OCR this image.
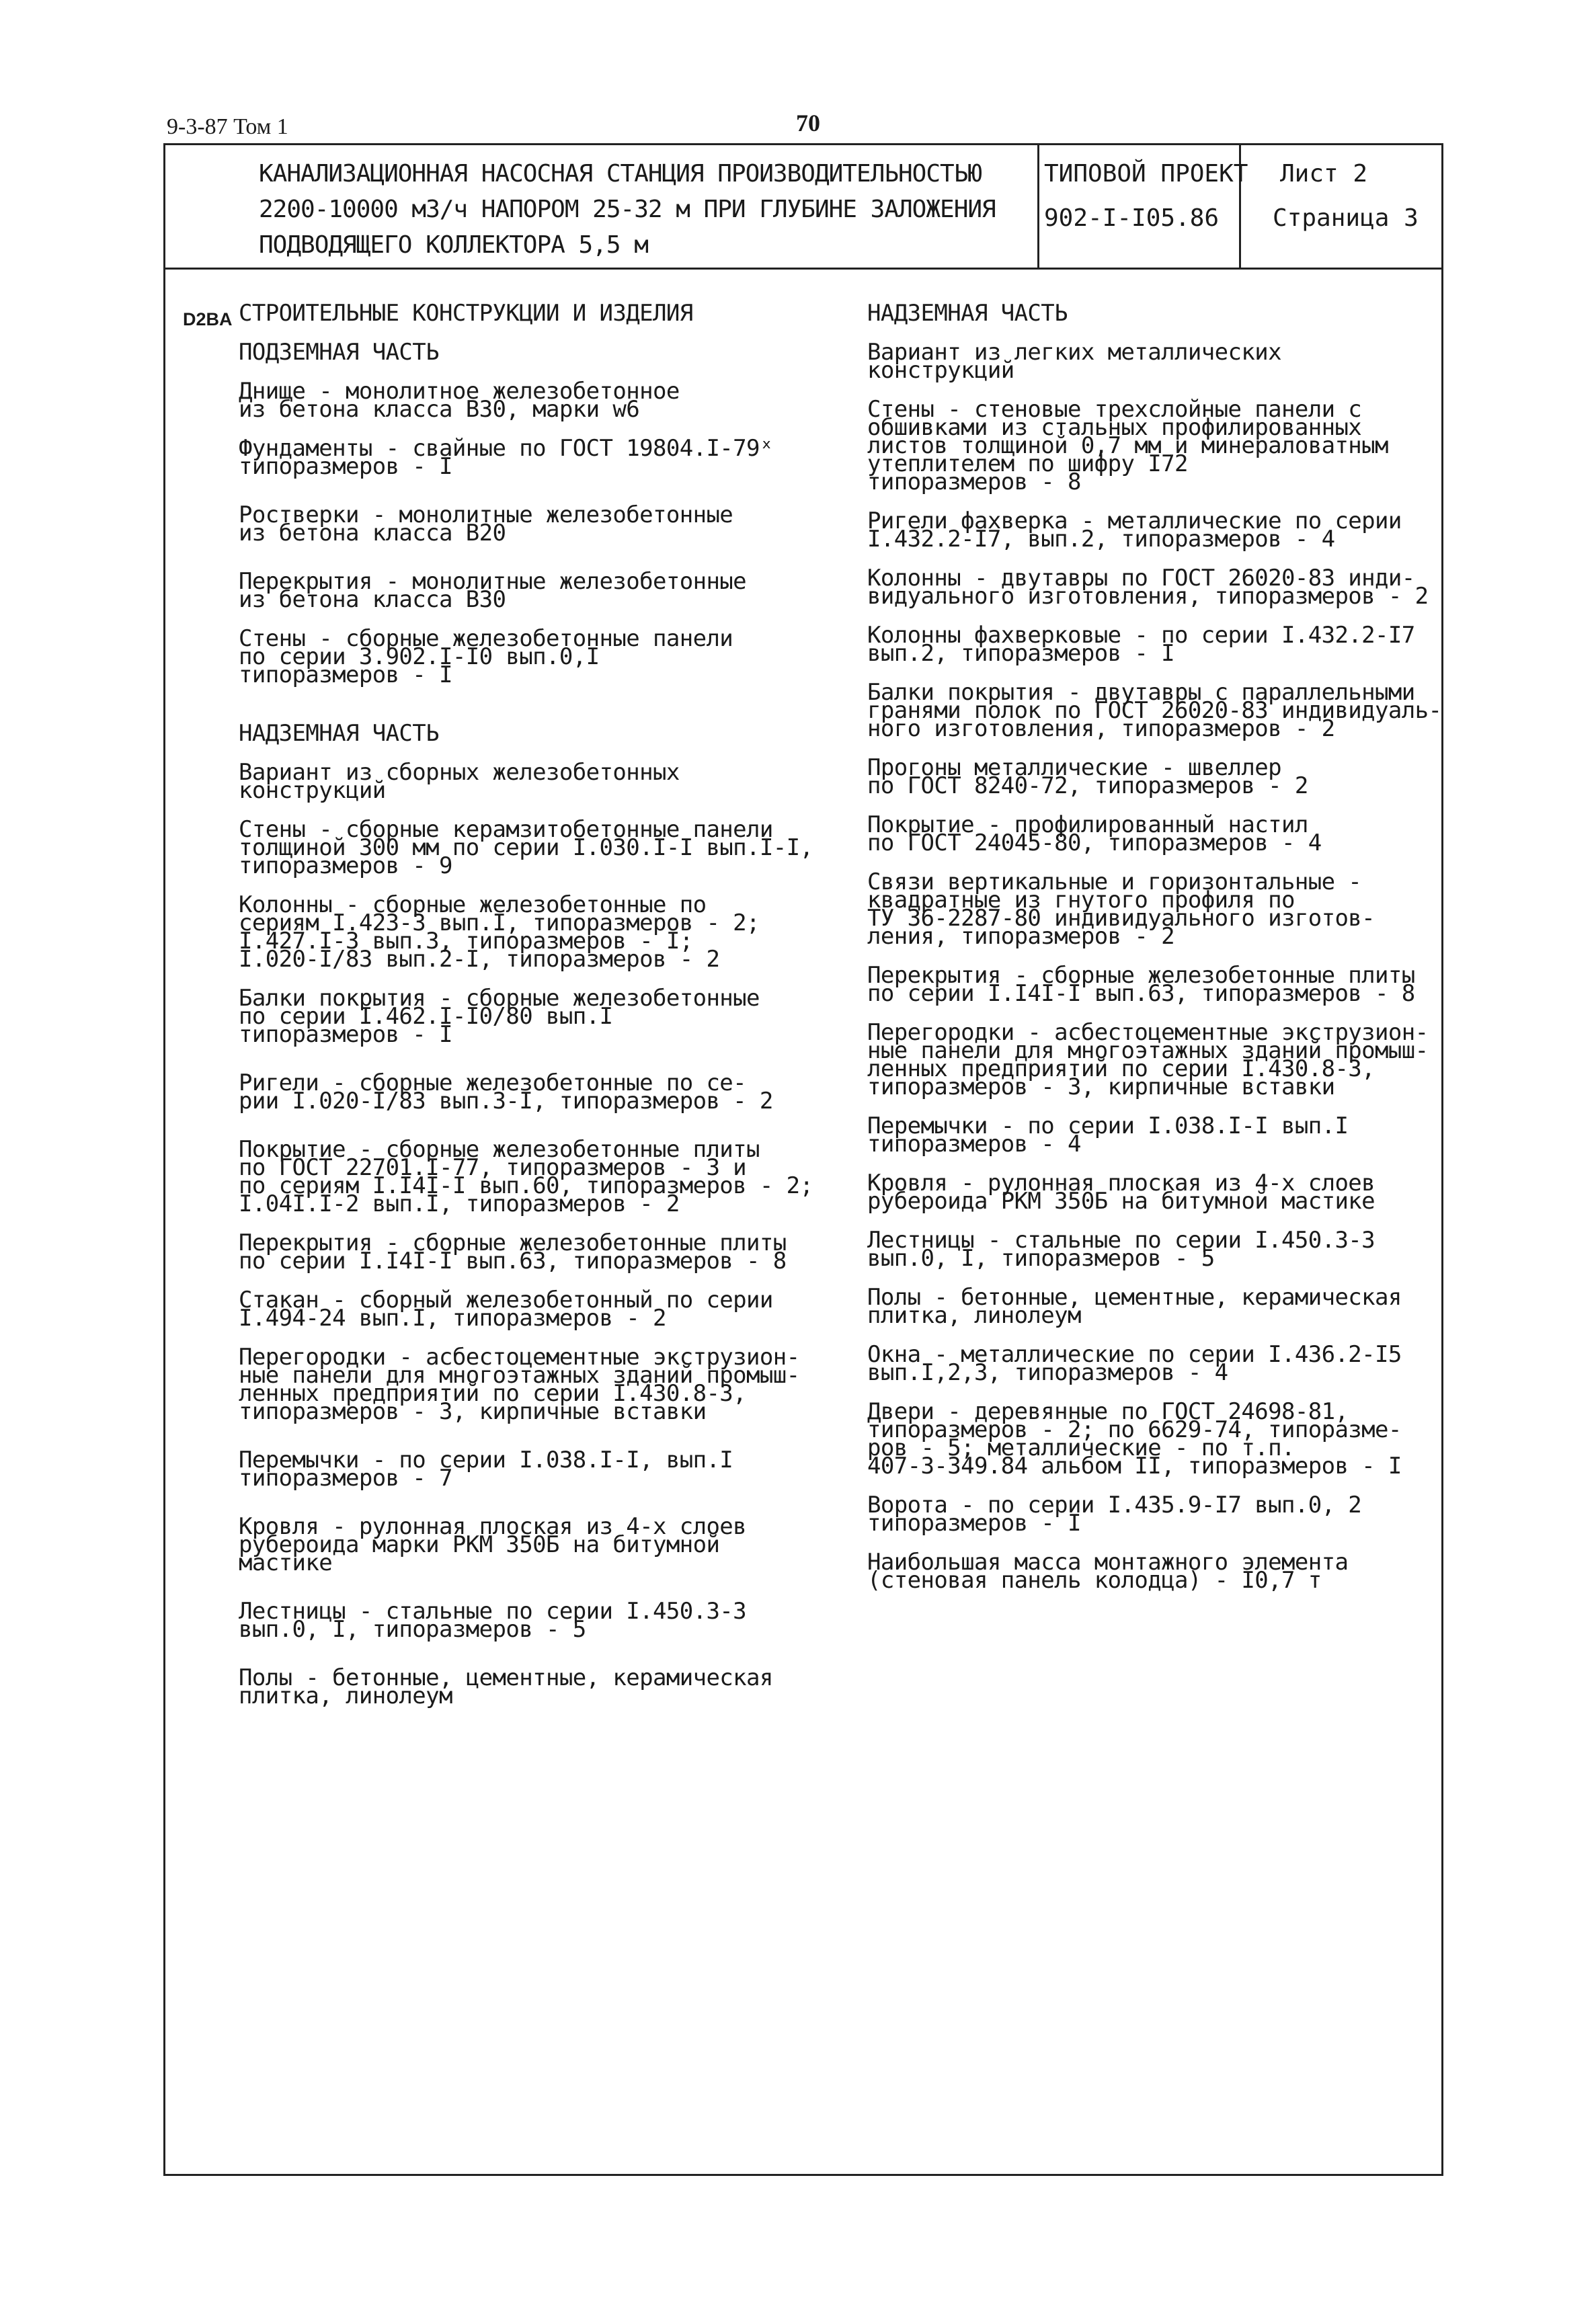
9-3-87 Том 1	70
КАНАЛИЗАЦИОННАЯ НАСОСНАЯ СТАНЦИЯ ПРОИЗВОДИТЕЛЬНОСТЬЮ
2200-10000 м3/ч НАПОРОМ 25-32 м ПРИ ГЛУБИНЕ ЗАЛОЖЕНИЯ
ПОДВОДЯЩЕГО КОЛЛЕКТОРА 5,5 м
ТИПОВОЙ ПРОЕКТ
902-I-I05.86
Лист 2
Страница 3
D2BA СТРОИТЕЛЬНЫЕ КОНСТРУКЦИИ И ИЗДЕЛИЯ
ПОДЗЕМНАЯ ЧАСТЬ
Днище - монолитное железобетонное
из бетона класса В30, марки w6
Фундаменты - свайные по ГОСТ 19804.I-79ˣ
типоразмеров - I
Ростверки - монолитные железобетонные
из бетона класса В20
Перекрытия - монолитные железобетонные
из бетона класса В30
Стены - сборные железобетонные панели
по серии 3.902.I-I0 вып.0,I
типоразмеров - I
НАДЗЕМНАЯ ЧАСТЬ
Вариант из сборных железобетонных
конструкций
Стены - сборные керамзитобетонные панели
толщиной 300 мм по серии I.030.I-I вып.I-I,
типоразмеров - 9
Колонны - сборные железобетонные по
сериям I.423-3 вып.I, типоразмеров - 2;
I.427.I-3 вып.3, типоразмеров - I;
I.020-I/83 вып.2-I, типоразмеров - 2
Балки покрытия - сборные железобетонные
по серии I.462.I-I0/80 вып.I
типоразмеров - I
Ригели - сборные железобетонные по се-
рии I.020-I/83 вып.3-I, типоразмеров - 2
Покрытие - сборные железобетонные плиты
по ГОСТ 22701.I-77, типоразмеров - 3 и
по сериям I.I4I-I вып.60, типоразмеров - 2;
I.04I.I-2 вып.I, типоразмеров - 2
Перекрытия - сборные железобетонные плиты
по серии I.I4I-I вып.63, типоразмеров - 8
Стакан - сборный железобетонный по серии
I.494-24 вып.I, типоразмеров - 2
Перегородки - асбестоцементные экструзион-
ные панели для многоэтажных зданий промыш-
ленных предприятий по серии I.430.8-3,
типоразмеров - 3, кирпичные вставки
Перемычки - по серии I.038.I-I, вып.I
типоразмеров - 7
Кровля - рулонная плоская из 4-х слоев
рубероида марки РКМ 350Б на битумной
мастике
Лестницы - стальные по серии I.450.3-3
вып.0, I, типоразмеров - 5
Полы - бетонные, цементные, керамическая
плитка, линолеум
НАДЗЕМНАЯ ЧАСТЬ
Вариант из легких металлических
конструкций
Стены - стеновые трехслойные панели с
обшивками из стальных профилированных
листов толщиной 0,7 мм и минераловатным
утеплителем по шифру I72
типоразмеров - 8
Ригели фахверка - металлические по серии
I.432.2-I7, вып.2, типоразмеров - 4
Колонны - двутавры по ГОСТ 26020-83 инди-
видуального изготовления, типоразмеров - 2
Колонны фахверковые - по серии I.432.2-I7
вып.2, типоразмеров - I
Балки покрытия - двутавры с параллельными
гранями полок по ГОСТ 26020-83 индивидуаль-
ного изготовления, типоразмеров - 2
Прогоны металлические - швеллер
по ГОСТ 8240-72, типоразмеров - 2
Покрытие - профилированный настил
по ГОСТ 24045-80, типоразмеров - 4
Связи вертикальные и горизонтальные -
квадратные из гнутого профиля по
ТУ 36-2287-80 индивидуального изготов-
ления, типоразмеров - 2
Перекрытия - сборные железобетонные плиты
по серии I.I4I-I вып.63, типоразмеров - 8
Перегородки - асбестоцементные экструзион-
ные панели для многоэтажных зданий промыш-
ленных предприятий по серии I.430.8-3,
типоразмеров - 3, кирпичные вставки
Перемычки - по серии I.038.I-I вып.I
типоразмеров - 4
Кровля - рулонная плоская из 4-х слоев
рубероида РКМ 350Б на битумной мастике
Лестницы - стальные по серии I.450.3-3
вып.0, I, типоразмеров - 5
Полы - бетонные, цементные, керамическая
плитка, линолеум
Окна - металлические по серии I.436.2-I5
вып.I,2,3, типоразмеров - 4
Двери - деревянные по ГОСТ 24698-81,
типоразмеров - 2; по 6629-74, типоразме-
ров - 5; металлические - по т.п.
407-3-349.84 альбом II, типоразмеров - I
Ворота - по серии I.435.9-I7 вып.0, 2
типоразмеров - I
Наибольшая масса монтажного элемента
(стеновая панель колодца) - I0,7 т
